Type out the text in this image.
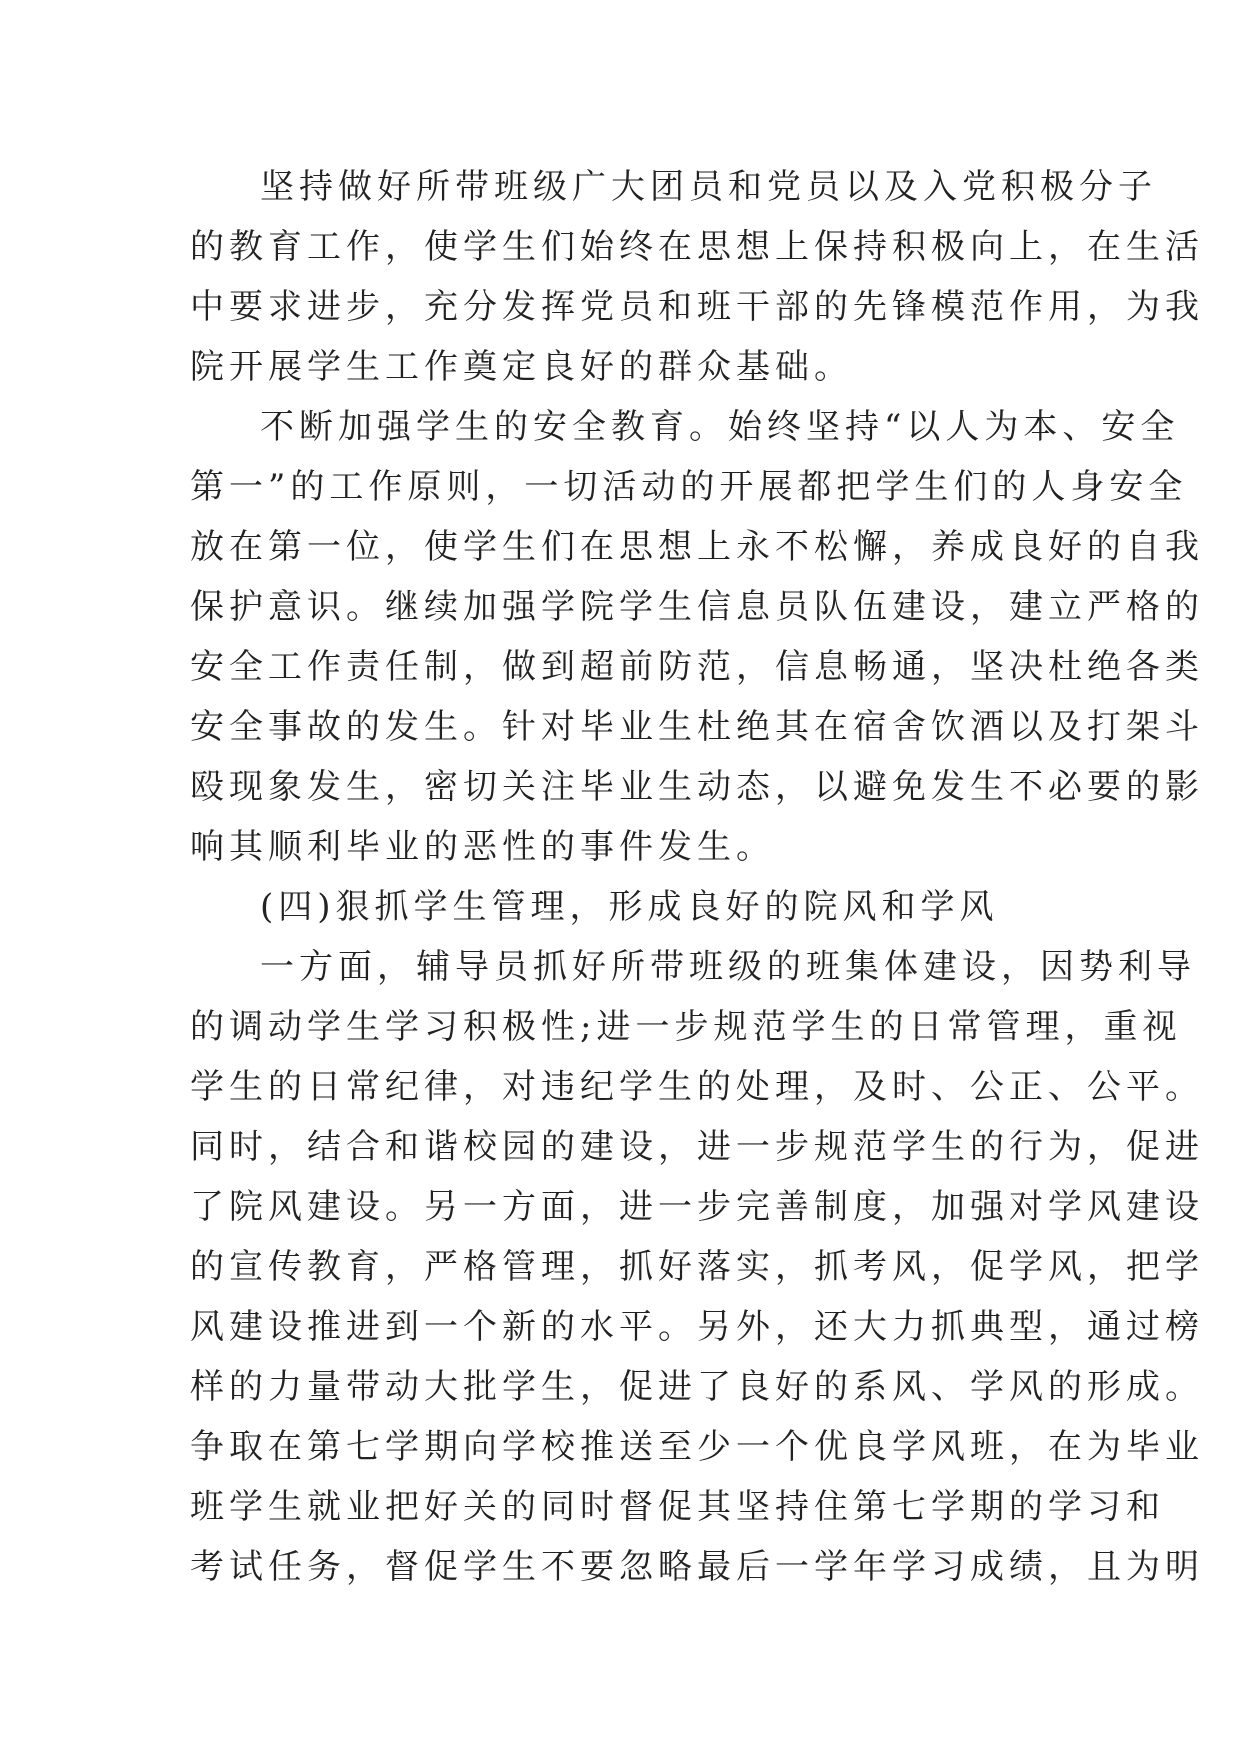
坚持做好所带班级广大团员和党员以及入党积极分子
的教育工作，使学生们始终在思想上保持积极向上，在生活
中要求进步，充分发挥党员和班干部的先锋模范作用，为我
院开展学生工作奠定良好的群众基础。
不断加强学生的安全教育。始终坚持“以人为本、安全
第一”的工作原则，一切活动的开展都把学生们的人身安全
放在第一位，使学生们在思想上永不松懈，养成良好的自我
保护意识。继续加强学院学生信息员队伍建设，建立严格的
安全工作责任制，做到超前防范，信息畅通，坚决杜绝各类
安全事故的发生。针对毕业生杜绝其在宿舍饮酒以及打架斗
殴现象发生，密切关注毕业生动态，以避免发生不必要的影
响其顺利毕业的恶性的事件发生。
(四)狠抓学生管理，形成良好的院风和学风
一方面，辅导员抓好所带班级的班集体建设，因势利导
的调动学生学习积极性;进一步规范学生的日常管理，重视
学生的日常纪律，对违纪学生的处理，及时、公正、公平。
同时，结合和谐校园的建设，进一步规范学生的行为，促进
了院风建设。另一方面，进一步完善制度，加强对学风建设
的宣传教育，严格管理，抓好落实，抓考风，促学风，把学
风建设推进到一个新的水平。另外，还大力抓典型，通过榜
样的力量带动大批学生，促进了良好的系风、学风的形成。
争取在第七学期向学校推送至少一个优良学风班，在为毕业
班学生就业把好关的同时督促其坚持住第七学期的学习和
考试任务，督促学生不要忽略最后一学年学习成绩，且为明
